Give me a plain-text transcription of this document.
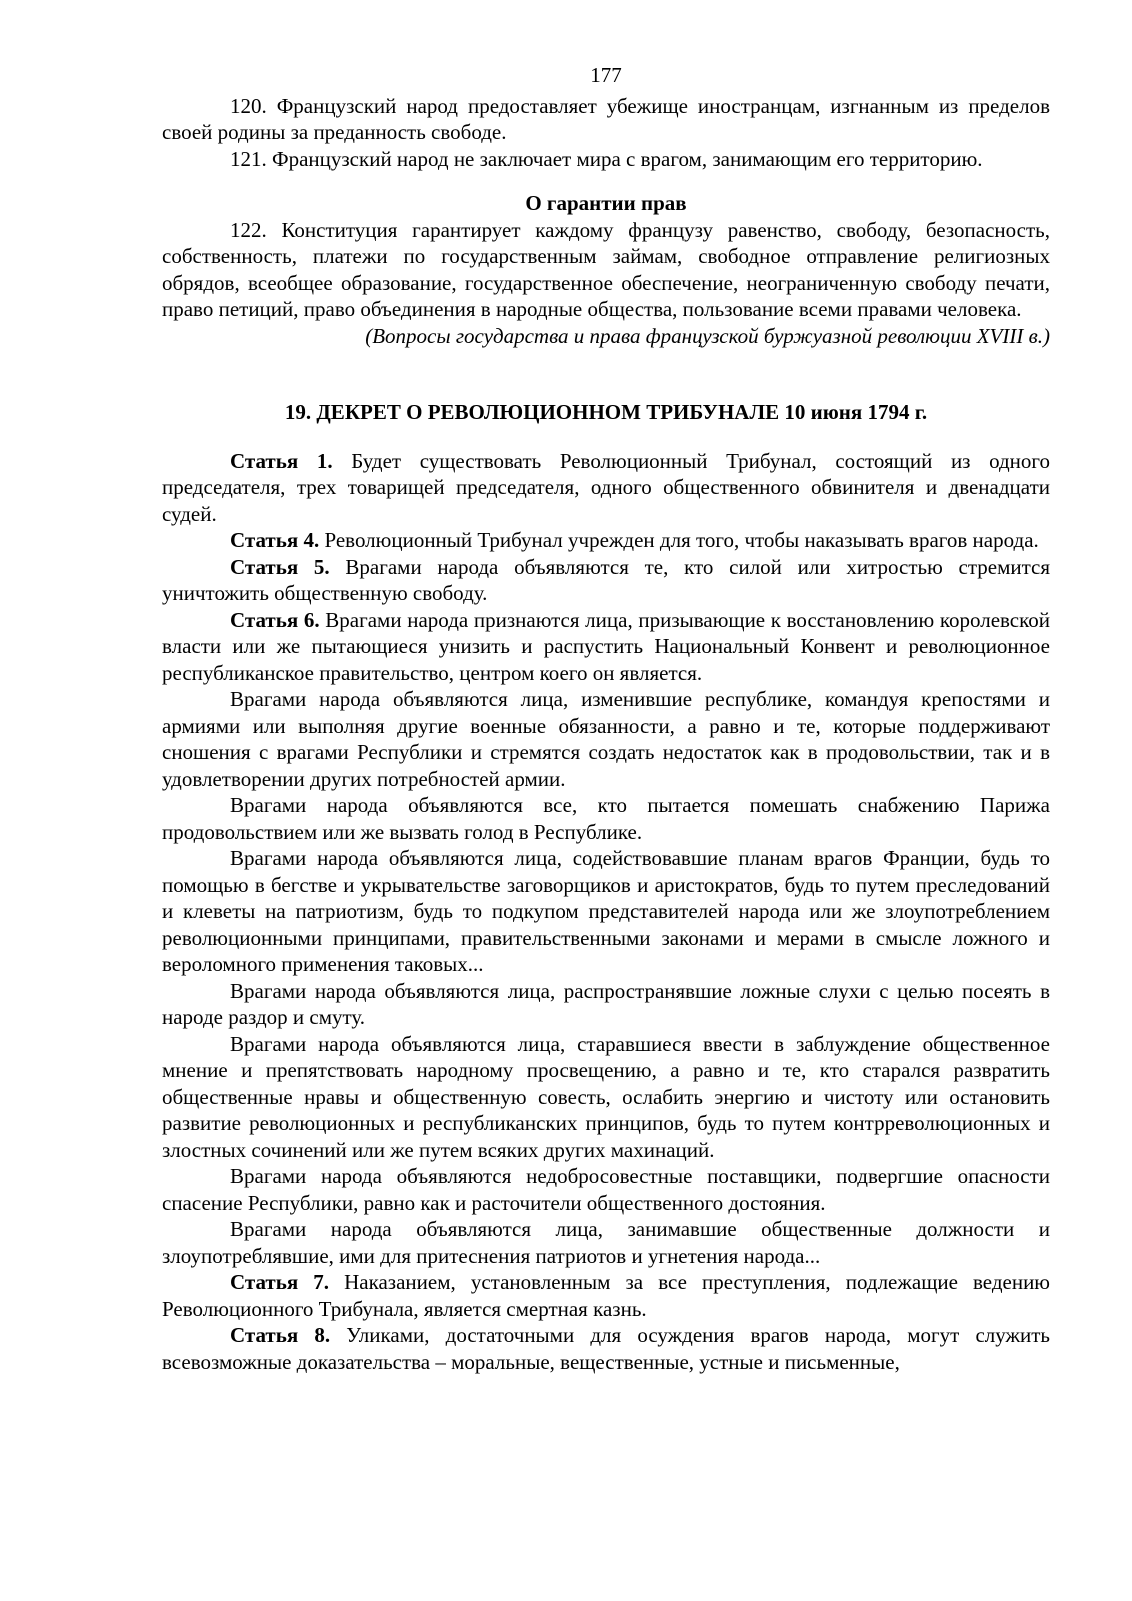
177

120. Французский народ предоставляет убежище иностранцам, изгнанным из пределов своей родины за преданность свободе.

121. Французский народ не заключает мира с врагом, занимающим его территорию.

О гарантии прав

122. Конституция гарантирует каждому французу равенство, свободу, безопасность, собственность, платежи по государственным займам, свободное отправление религиозных обрядов, всеобщее образование, государственное обеспечение, неограниченную свободу печати, право петиций, право объединения в народные общества, пользование всеми правами человека.

(Вопросы государства и права французской буржуазной революции XVIII в.)

19. ДЕКРЕТ О РЕВОЛЮЦИОННОМ ТРИБУНАЛЕ 10 июня 1794 г.

Статья 1. Будет существовать Революционный Трибунал, состоящий из одного председателя, трех товарищей председателя, одного общественного обвинителя и двенадцати судей.

Статья 4. Революционный Трибунал учрежден для того, чтобы наказывать врагов народа.

Статья 5. Врагами народа объявляются те, кто силой или хитростью стремится уничтожить общественную свободу.

Статья 6. Врагами народа признаются лица, призывающие к восстановлению королевской власти или же пытающиеся унизить и распустить Национальный Конвент и революционное республиканское правительство, центром коего он является.

Врагами народа объявляются лица, изменившие республике, командуя крепостями и армиями или выполняя другие военные обязанности, а равно и те, которые поддерживают сношения с врагами Республики и стремятся создать недостаток как в продовольствии, так и в удовлетворении других потребностей армии.

Врагами народа объявляются все, кто пытается помешать снабжению Парижа продовольствием или же вызвать голод в Республике.

Врагами народа объявляются лица, содействовавшие планам врагов Франции, будь то помощью в бегстве и укрывательстве заговорщиков и аристократов, будь то путем преследований и клеветы на патриотизм, будь то подкупом представителей народа или же злоупотреблением революционными принципами, правительственными законами и мерами в смысле ложного и вероломного применения таковых...

Врагами народа объявляются лица, распространявшие ложные слухи с целью посеять в народе раздор и смуту.

Врагами народа объявляются лица, старавшиеся ввести в заблуждение общественное мнение и препятствовать народному просвещению, а равно и те, кто старался развратить общественные нравы и общественную совесть, ослабить энергию и чистоту или остановить развитие революционных и республиканских принципов, будь то путем контрреволюционных и злостных сочинений или же путем всяких других махинаций.

Врагами народа объявляются недобросовестные поставщики, подвергшие опасности спасение Республики, равно как и расточители общественного достояния.

Врагами народа объявляются лица, занимавшие общественные должности и злоупотреблявшие, ими для притеснения патриотов и угнетения народа...

Статья 7. Наказанием, установленным за все преступления, подлежащие ведению Революционного Трибунала, является смертная казнь.

Статья 8. Уликами, достаточными для осуждения врагов народа, могут служить всевозможные доказательства – моральные, вещественные, устные и письменные,
